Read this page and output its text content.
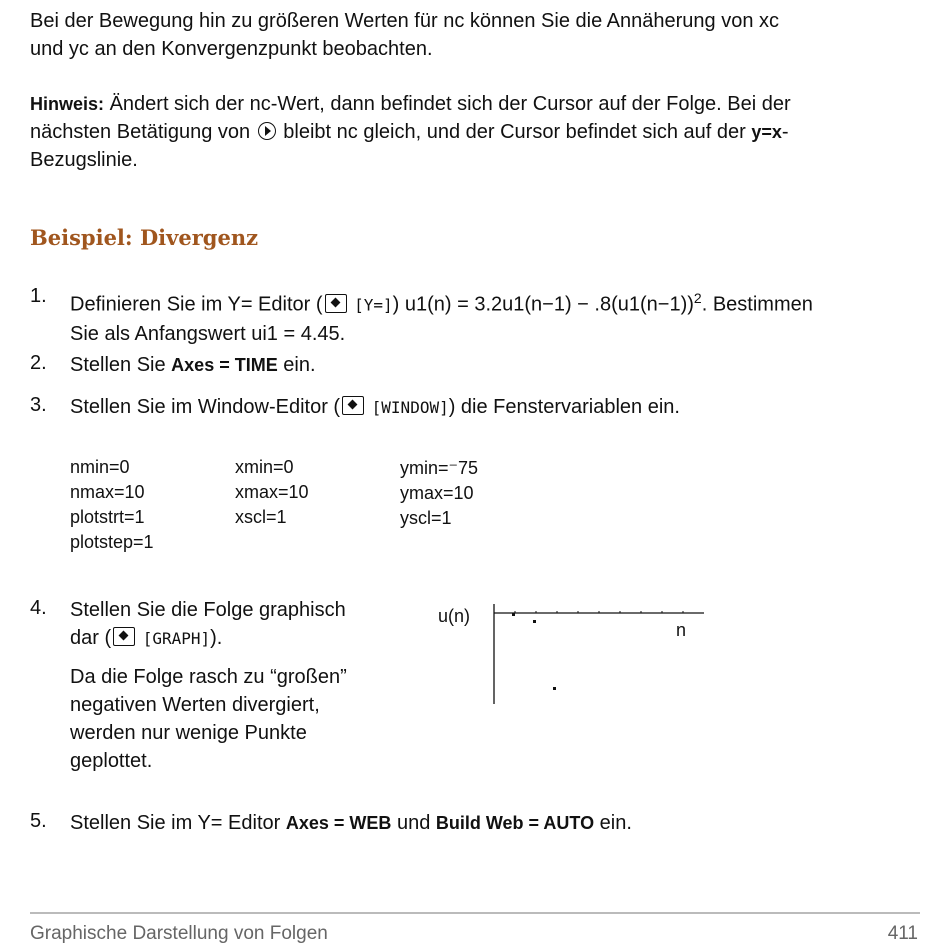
Bei der Bewegung hin zu größeren Werten für nc können Sie die Annäherung von xc
und yc an den Konvergenzpunkt beobachten.
Hinweis: Ändert sich der nc-Wert, dann befindet sich der Cursor auf der Folge. Bei der
nächsten Betätigung von  bleibt nc gleich, und der Cursor befindet sich auf der y=x-
Bezugslinie.
Beispiel: Divergenz
1. Definieren Sie im Y= Editor ( [Y=]) $u1(n) = 3.2u1(n-1) - .8(u1(n-1))^2$. Bestimmen
Sie als Anfangswert ui1 = 4.45.
2. Stellen Sie Axes = TIME ein.
3. Stellen Sie im Window-Editor ( [WINDOW]) die Fenstervariablen ein.
nmin=0
nmax=10
plotstrt=1
plotstep=1
xmin=0
xmax=10
xscl=1
ymin=⁻75
ymax=10
yscl=1
4. Stellen Sie die Folge graphisch
dar ( [GRAPH]).
Da die Folge rasch zu “großen”
negativen Werten divergiert,
werden nur wenige Punkte
geplottet.
u(n)
n
5. Stellen Sie im Y= Editor Axes = WEB und Build Web = AUTO ein.
Graphische Darstellung von Folgen	411
